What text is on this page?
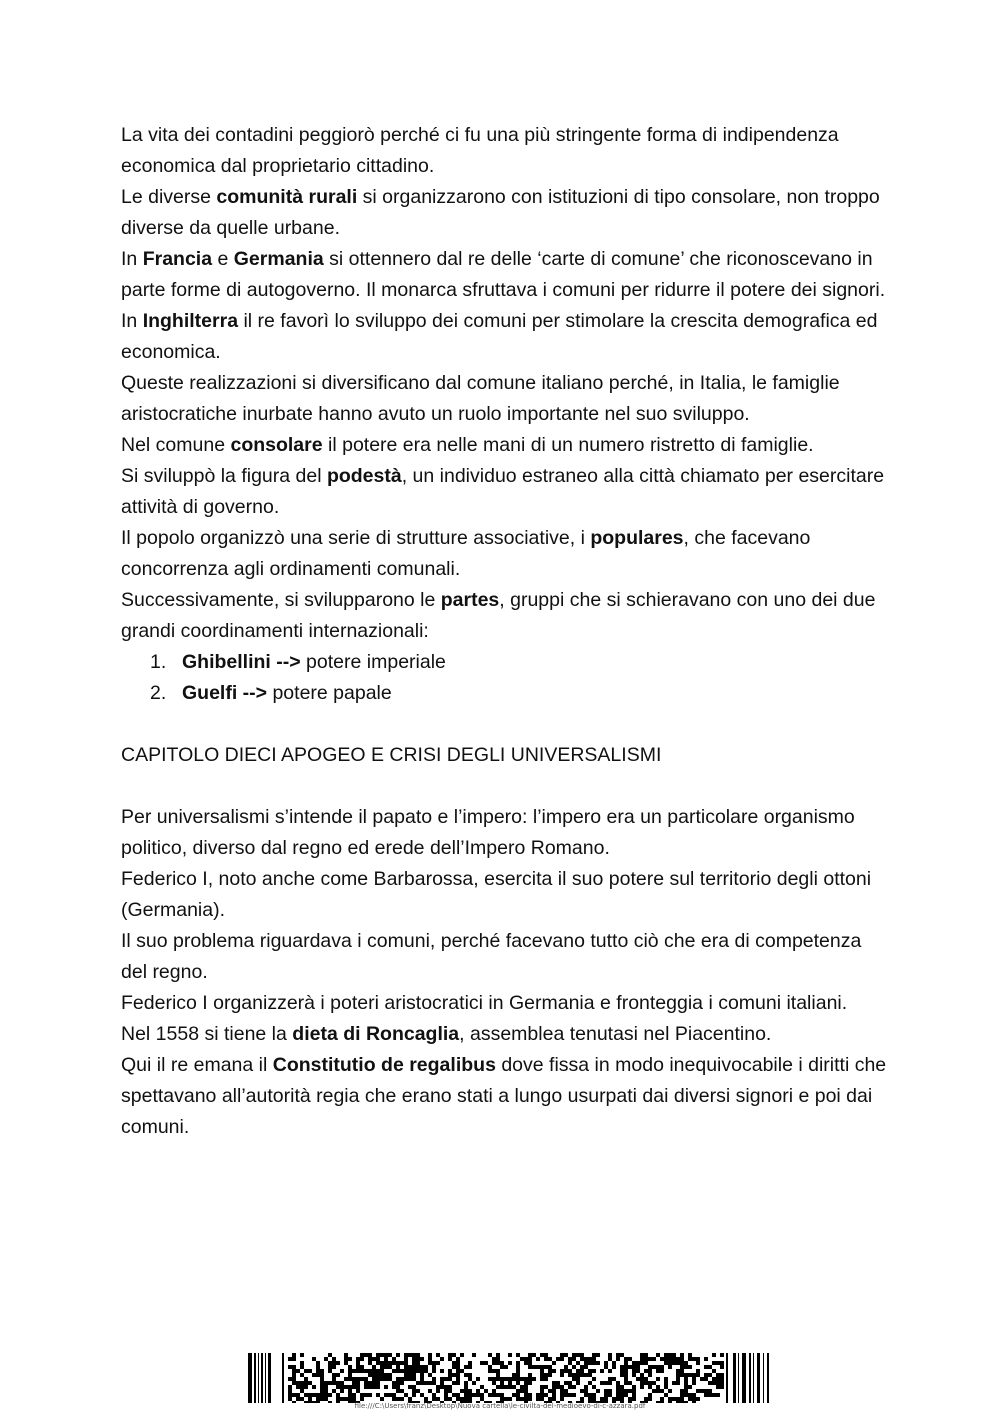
La vita dei contadini peggiorò perché ci fu una più stringente forma di indipendenza economica dal proprietario cittadino.

Le diverse comunità rurali si organizzarono con istituzioni di tipo consolare, non troppo diverse da quelle urbane.

In Francia e Germania si ottennero dal re delle ‘carte di comune’ che riconoscevano in parte forme di autogoverno. Il monarca sfruttava i comuni per ridurre il potere dei signori.

In Inghilterra il re favorì lo sviluppo dei comuni per stimolare la crescita demografica ed economica.

Queste realizzazioni si diversificano dal comune italiano perché, in Italia, le famiglie aristocratiche inurbate hanno avuto un ruolo importante nel suo sviluppo.

Nel comune consolare il potere era nelle mani di un numero ristretto di famiglie.

Si sviluppò la figura del podestà, un individuo estraneo alla città chiamato per esercitare attività di governo.

Il popolo organizzò una serie di strutture associative, i populares, che facevano concorrenza agli ordinamenti comunali.

Successivamente, si svilupparono le partes, gruppi che si schieravano con uno dei due grandi coordinamenti internazionali:

1. Ghibellini --> potere imperiale
2. Guelfi --> potere papale

CAPITOLO DIECI APOGEO E CRISI DEGLI UNIVERSALISMI

Per universalismi s’intende il papato e l’impero: l’impero era un particolare organismo politico, diverso dal regno ed erede dell’Impero Romano.

Federico I, noto anche come Barbarossa, esercita il suo potere sul territorio degli ottoni (Germania).

Il suo problema riguardava i comuni, perché facevano tutto ciò che era di competenza del regno.

Federico I organizzerà i poteri aristocratici in Germania e fronteggia i comuni italiani.

Nel 1558 si tiene la dieta di Roncaglia, assemblea tenutasi nel Piacentino.

Qui il re emana il Constitutio de regalibus dove fissa in modo inequivocabile i diritti che spettavano all’autorità regia che erano stati a lungo usurpati dai diversi signori e poi dai comuni.

file:///C:\Users\franz\Desktop\Nuova cartella\le-civilta-del-medioevo-di-c-azzara.pdf
